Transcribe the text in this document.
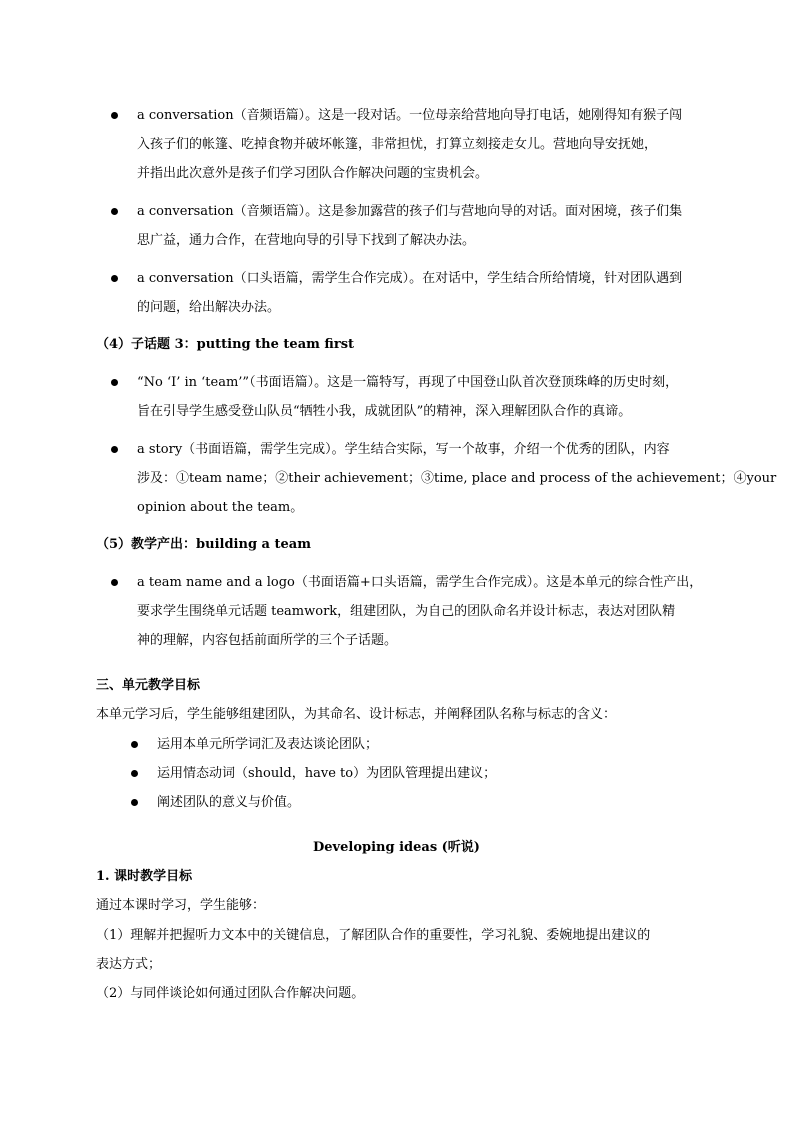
a conversation（音频语篇）。这是一段对话。一位母亲给营地向导打电话，她刚得知有猴子闯
入孩子们的帐篷、吃掉食物并破坏帐篷，非常担忧，打算立刻接走女儿。营地向导安抚她，
并指出此次意外是孩子们学习团队合作解决问题的宝贵机会。
a conversation（音频语篇）。这是参加露营的孩子们与营地向导的对话。面对困境，孩子们集
思广益，通力合作，在营地向导的引导下找到了解决办法。
a conversation（口头语篇，需学生合作完成）。在对话中，学生结合所给情境，针对团队遇到
的问题，给出解决办法。
（4）子话题 3：putting the team first
“No ‘I’ in ‘team’”（书面语篇）。这是一篇特写，再现了中国登山队首次登顶珠峰的历史时刻，
旨在引导学生感受登山队员“牺牲小我，成就团队”的精神，深入理解团队合作的真谛。
a story（书面语篇，需学生完成）。学生结合实际，写一个故事，介绍一个优秀的团队，内容
涉及：①team name；②their achievement；③time, place and process of the achievement；④your
opinion about the team。
（5）教学产出：building a team
a team name and a logo（书面语篇+口头语篇，需学生合作完成）。这是本单元的综合性产出，
要求学生围绕单元话题 teamwork，组建团队，为自己的团队命名并设计标志，表达对团队精
神的理解，内容包括前面所学的三个子话题。
三、单元教学目标
本单元学习后，学生能够组建团队，为其命名、设计标志，并阐释团队名称与标志的含义：
运用本单元所学词汇及表达谈论团队；
运用情态动词（should，have to）为团队管理提出建议；
阐述团队的意义与价值。
Developing ideas (听说)
1. 课时教学目标
通过本课时学习，学生能够：
（1）理解并把握听力文本中的关键信息，了解团队合作的重要性，学习礼貌、委婉地提出建议的
表达方式；
（2）与同伴谈论如何通过团队合作解决问题。
